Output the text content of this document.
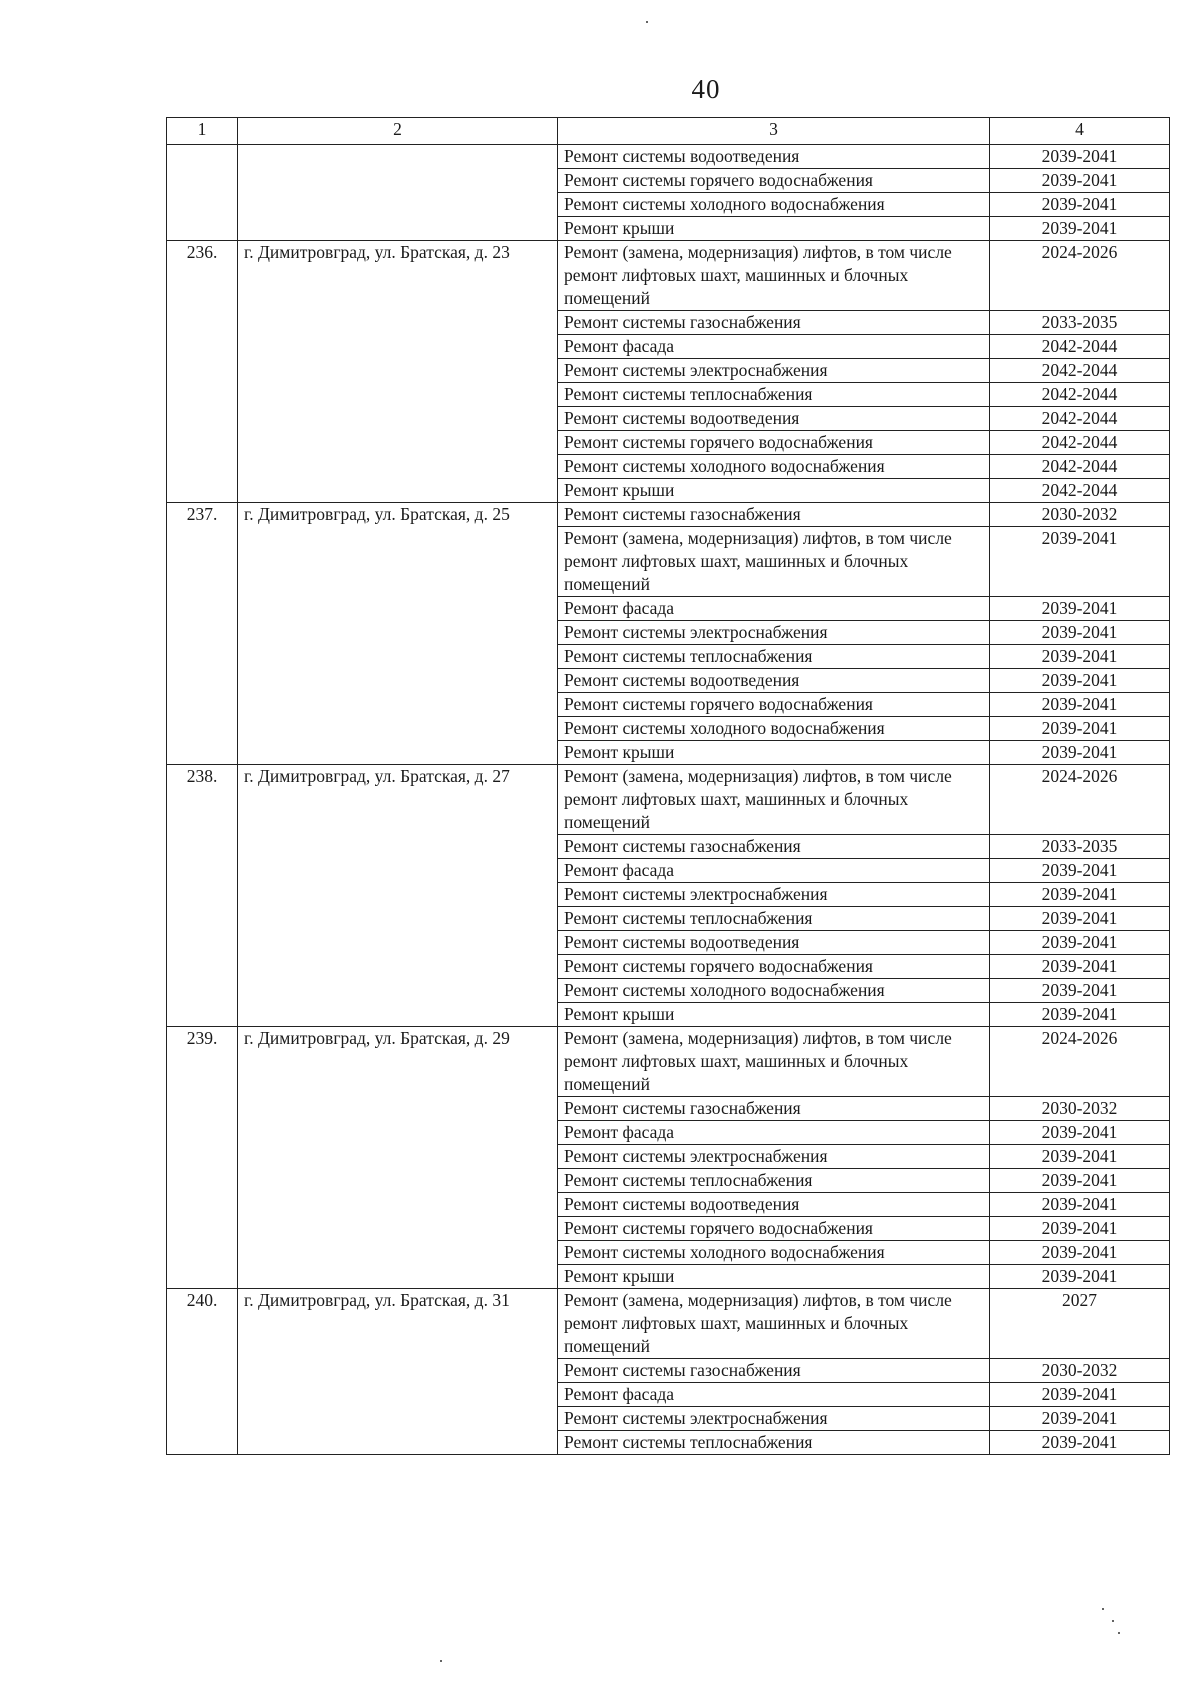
40
1	2	3	4
		Ремонт системы водоотведения	2039-2041
		Ремонт системы горячего водоснабжения	2039-2041
		Ремонт системы холодного водоснабжения	2039-2041
		Ремонт крыши	2039-2041
236.	г. Димитровград, ул. Братская, д. 23	Ремонт (замена, модернизация) лифтов, в том числе ремонт лифтовых шахт, машинных и блочных помещений	2024-2026
		Ремонт системы газоснабжения	2033-2035
		Ремонт фасада	2042-2044
		Ремонт системы электроснабжения	2042-2044
		Ремонт системы теплоснабжения	2042-2044
		Ремонт системы водоотведения	2042-2044
		Ремонт системы горячего водоснабжения	2042-2044
		Ремонт системы холодного водоснабжения	2042-2044
		Ремонт крыши	2042-2044
237.	г. Димитровград, ул. Братская, д. 25	Ремонт системы газоснабжения	2030-2032
		Ремонт (замена, модернизация) лифтов, в том числе ремонт лифтовых шахт, машинных и блочных помещений	2039-2041
		Ремонт фасада	2039-2041
		Ремонт системы электроснабжения	2039-2041
		Ремонт системы теплоснабжения	2039-2041
		Ремонт системы водоотведения	2039-2041
		Ремонт системы горячего водоснабжения	2039-2041
		Ремонт системы холодного водоснабжения	2039-2041
		Ремонт крыши	2039-2041
238.	г. Димитровград, ул. Братская, д. 27	Ремонт (замена, модернизация) лифтов, в том числе ремонт лифтовых шахт, машинных и блочных помещений	2024-2026
		Ремонт системы газоснабжения	2033-2035
		Ремонт фасада	2039-2041
		Ремонт системы электроснабжения	2039-2041
		Ремонт системы теплоснабжения	2039-2041
		Ремонт системы водоотведения	2039-2041
		Ремонт системы горячего водоснабжения	2039-2041
		Ремонт системы холодного водоснабжения	2039-2041
		Ремонт крыши	2039-2041
239.	г. Димитровград, ул. Братская, д. 29	Ремонт (замена, модернизация) лифтов, в том числе ремонт лифтовых шахт, машинных и блочных помещений	2024-2026
		Ремонт системы газоснабжения	2030-2032
		Ремонт фасада	2039-2041
		Ремонт системы электроснабжения	2039-2041
		Ремонт системы теплоснабжения	2039-2041
		Ремонт системы водоотведения	2039-2041
		Ремонт системы горячего водоснабжения	2039-2041
		Ремонт системы холодного водоснабжения	2039-2041
		Ремонт крыши	2039-2041
240.	г. Димитровград, ул. Братская, д. 31	Ремонт (замена, модернизация) лифтов, в том числе ремонт лифтовых шахт, машинных и блочных помещений	2027
		Ремонт системы газоснабжения	2030-2032
		Ремонт фасада	2039-2041
		Ремонт системы электроснабжения	2039-2041
		Ремонт системы теплоснабжения	2039-2041
